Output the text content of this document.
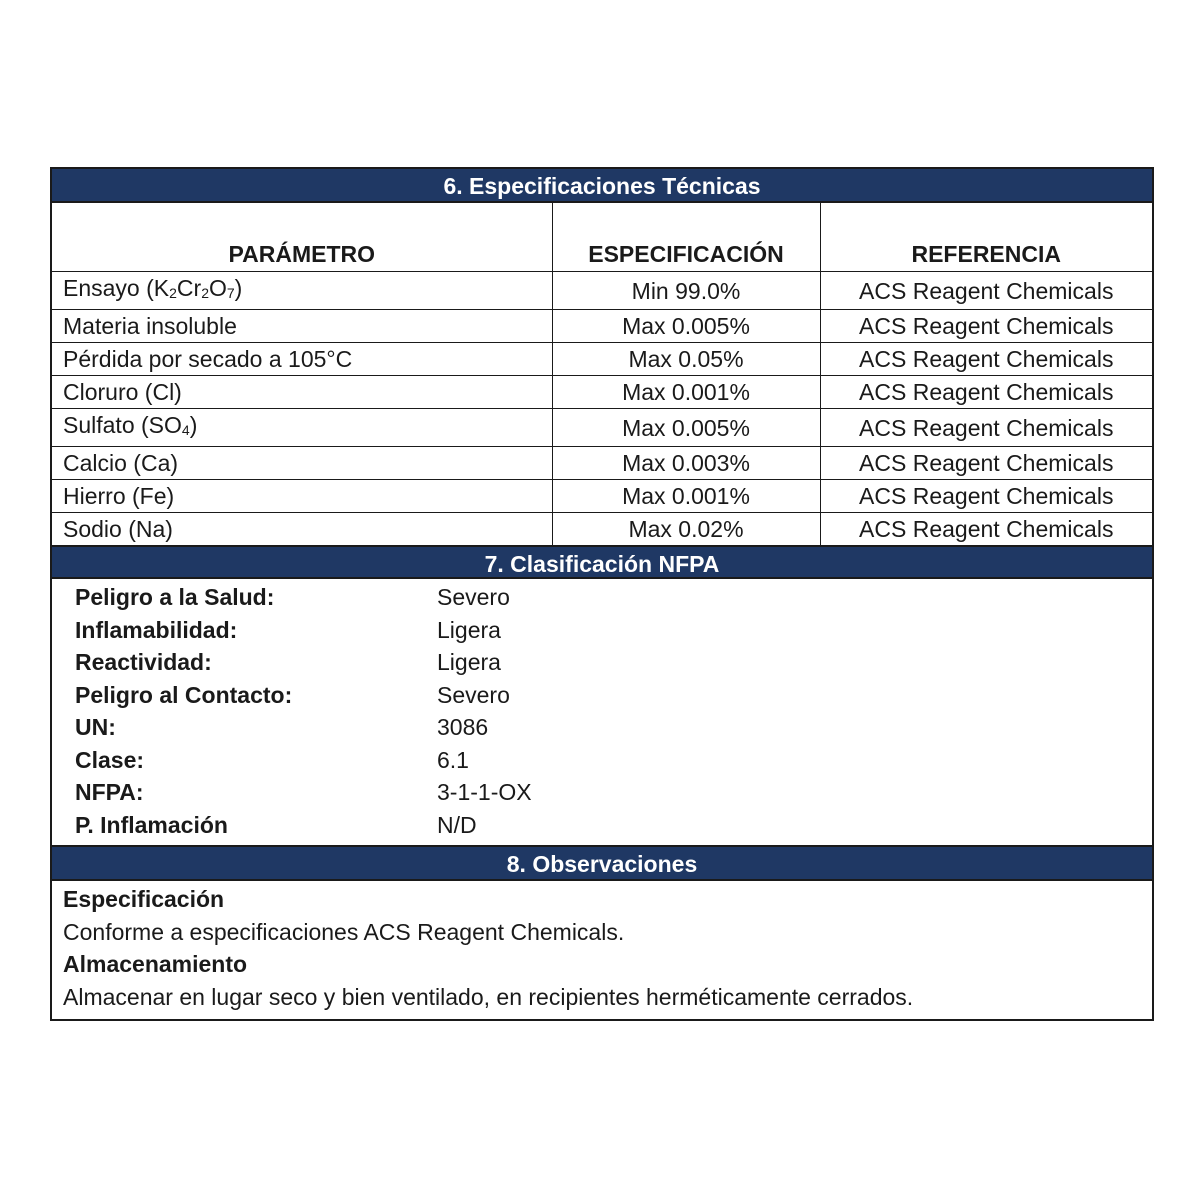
6. Especificaciones Técnicas
PARÁMETRO	ESPECIFICACIÓN	REFERENCIA
Ensayo $(K_2Cr_2O_7)$	Min 99.0%	ACS Reagent Chemicals
Materia insoluble	Max 0.005%	ACS Reagent Chemicals
Pérdida por secado a 105°C	Max 0.05%	ACS Reagent Chemicals
Cloruro (Cl)	Max 0.001%	ACS Reagent Chemicals
Sulfato $(SO_4)$	Max 0.005%	ACS Reagent Chemicals
Calcio (Ca)	Max 0.003%	ACS Reagent Chemicals
Hierro (Fe)	Max 0.001%	ACS Reagent Chemicals
Sodio (Na)	Max 0.02%	ACS Reagent Chemicals
7. Clasificación NFPA
Peligro a la Salud:	Severo
Inflamabilidad:	Ligera
Reactividad:	Ligera
Peligro al Contacto:	Severo
UN:	3086
Clase:	6.1
NFPA:	3-1-1-OX
P. Inflamación	N/D
8. Observaciones
Especificación
Conforme a especificaciones ACS Reagent Chemicals.
Almacenamiento
Almacenar en lugar seco y bien ventilado, en recipientes herméticamente cerrados.
